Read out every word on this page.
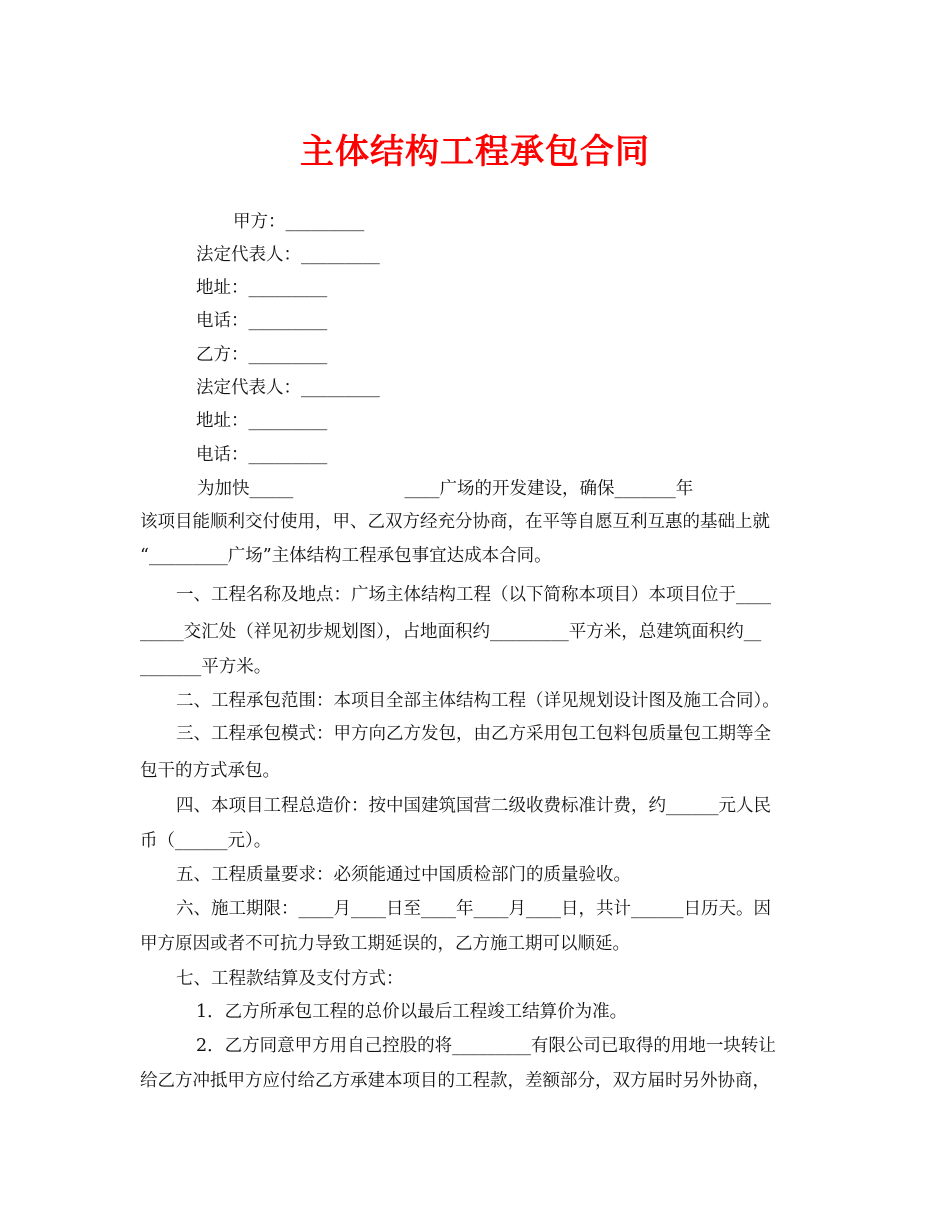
主体结构工程承包合同
甲方：_________
法定代表人：_________
地址：_________
电话：_________
乙方：_________
法定代表人：_________
地址：_________
电话：_________
为加快_____                    ____广场的开发建设，确保_______年
该项目能顺利交付使用，甲、乙双方经充分协商，在平等自愿互利互惠的基础上就
“_________广场”主体结构工程承包事宜达成本合同。
一、工程名称及地点：广场主体结构工程（以下简称本项目）本项目位于____
_____交汇处（祥见初步规划图），占地面积约_________平方米，总建筑面积约__
_______平方米。
二、工程承包范围：本项目全部主体结构工程（详见规划设计图及施工合同）。
三、工程承包模式：甲方向乙方发包，由乙方采用包工包料包质量包工期等全
包干的方式承包。
四、本项目工程总造价：按中国建筑国营二级收费标准计费，约______元人民
币（______元）。
五、工程质量要求：必须能通过中国质检部门的质量验收。
六、施工期限：____月____日至____年____月____日，共计______日历天。因
甲方原因或者不可抗力导致工期延误的，乙方施工期可以顺延。
七、工程款结算及支付方式：
1．乙方所承包工程的总价以最后工程竣工结算价为准。
2．乙方同意甲方用自己控股的将_________有限公司已取得的用地一块转让
给乙方冲抵甲方应付给乙方承建本项目的工程款，差额部分，双方届时另外协商，
